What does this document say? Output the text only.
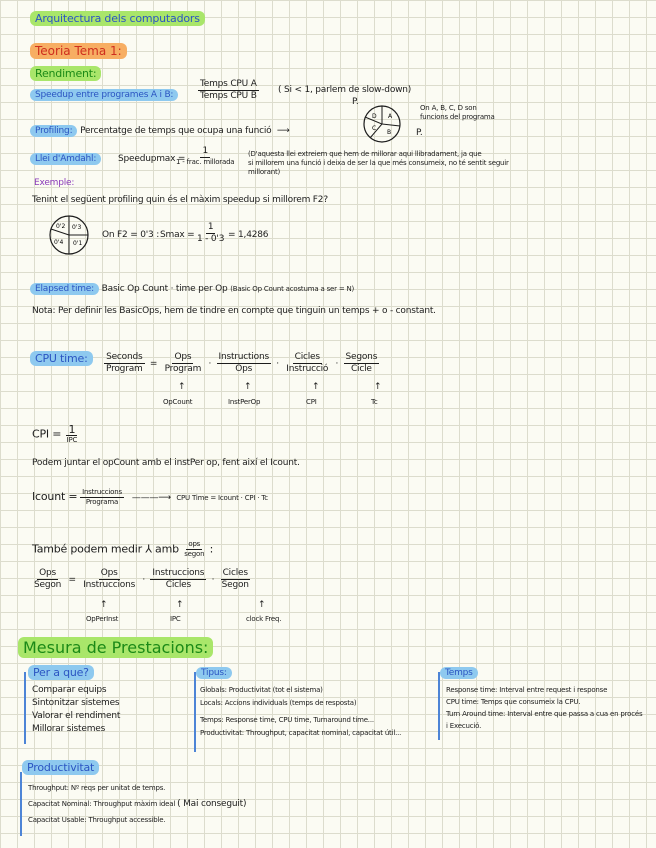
Arquitectura dels computadors
Teoria Tema 1:
Rendiment:
Speedup entre programes A i B:	$\frac{\text{Temps CPU A}}{\text{Temps CPU B}}$ ( Si < 1, parlem de slow-down)
P.
A
B
C
D
On A, B, C, D son
funcions del programa
P.
Profiling: Percentatge de temps que ocupa una funció  ⟶
Llei d'Amdahl:	Speedupmax =
$\frac{1}{\text{1 - frac. millorada}}$ (D'aquesta llei extreiem que hem de millorar aqui llibradament, ja que
si millorem una funció i deixa de ser la que més consumeix, no té sentit seguir
millorant)
Exemple:
Tenint el següent profiling quin és el màxim speedup si millorem F2?
0'3
0'1
0'4
0'2
On F2 = 0'3 : $Smax = \frac{1}{1 - 0'3} = 1,4286$
Elapsed time: Basic Op Count · time per Op (Basic Op Count acostuma a ser = N)
Nota: Per definir les BasicOps, hem de tindre en compte que tinguin un temps + o - constant.
CPU time:	$\frac{\text{Seconds}}{\text{Program}} = \frac{\text{Ops}}{\text{Program}} \cdot \frac{\text{Instructions}}{\text{Ops}} \cdot \frac{\text{Cicles}}{\text{Instrucció}} \cdot \frac{\text{Segons}}{\text{Cicle}}$
↑	↑	↑	↑
OpCount	InstPerOp	CPI	Tc
CPI = $\frac{1}{\text{IPC}}$
Podem juntar el opCount amb el instPer op, fent així el Icount.
Icount = $\frac{\text{Instruccions}}{\text{Programa}}$ ———⟶  CPU Time = Icount · CPI · Tc
També podem medir ⅄ amb $\frac{\text{ops}}{\text{segon}}$ :
$\frac{\text{Ops}}{\text{Segon}} = \frac{\text{Ops}}{\text{Instruccions}} \cdot \frac{\text{Instruccions}}{\text{Cicles}} \cdot \frac{\text{Cicles}}{\text{Segon}}$
↑	↑	↑
OpPerInst	IPC	clock Freq.
Mesura de Prestacions:
Per a que?
Comparar equips
Sintonitzar sistemes
Valorar el rendiment
Millorar sistemes
Tipus:
Globals: Productivitat (tot el sistema)
Locals: Accions individuals (temps de resposta)
Temps: Response time, CPU time, Turnaround time...
Productivitat: Throughput, capacitat nominal, capacitat útil...
Temps
Response time: Interval entre request i response
CPU time: Temps que consumeix la CPU.
Turn Around time: Interval entre que passa a cua en procés
i Execució.
Productivitat
Throughput: Nº reqs per unitat de temps.
Capacitat Nominal: Throughput màxim ideal ( Mai conseguit)
Capacitat Usable: Throughput accessible.
